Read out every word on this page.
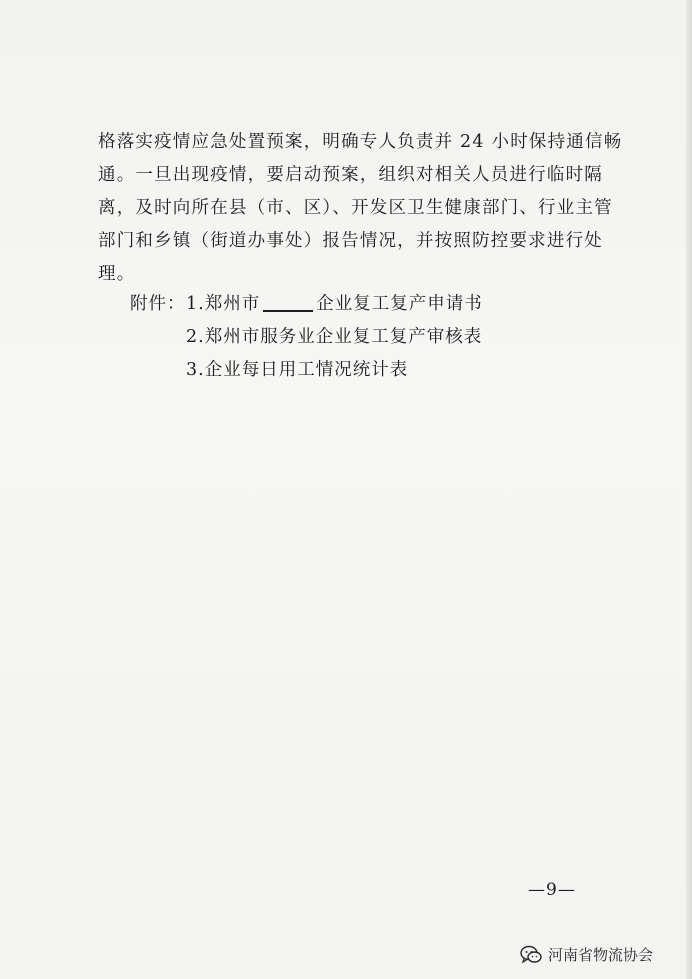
格落实疫情应急处置预案，明确专人负责并 24 小时保持通信畅
通。一旦出现疫情，要启动预案，组织对相关人员进行临时隔
离，及时向所在县（市、区）、开发区卫生健康部门、行业主管
部门和乡镇（街道办事处）报告情况，并按照防控要求进行处
理。
附件：1.郑州市	企业复工复产申请书
2.郑州市服务业企业复工复产审核表
3.企业每日用工情况统计表
—9—
河南省物流协会
